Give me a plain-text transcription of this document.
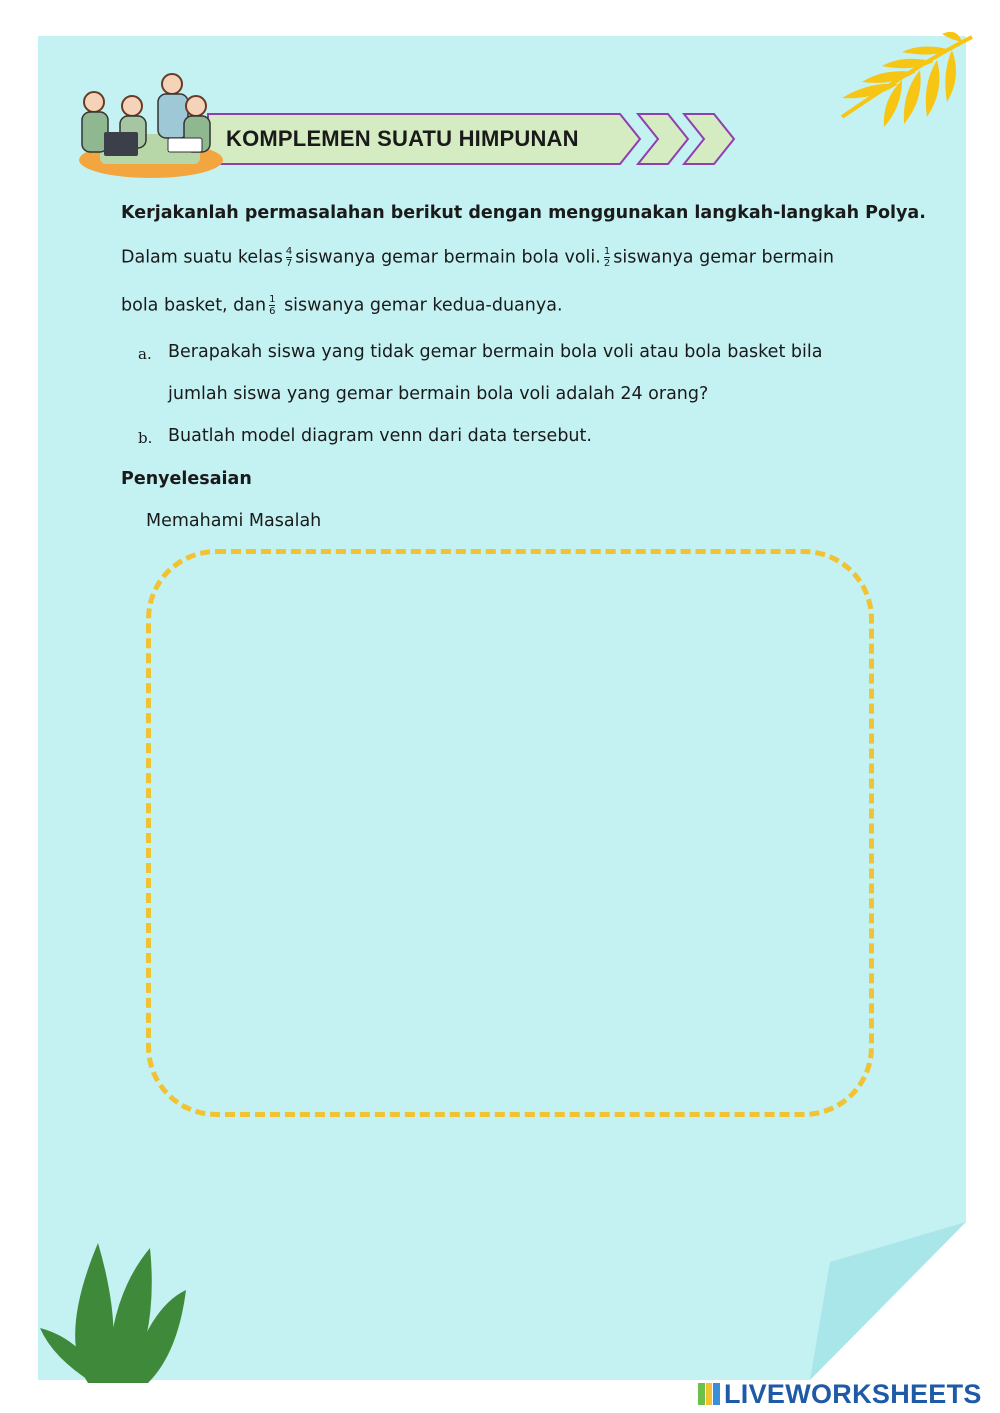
KOMPLEMEN SUATU HIMPUNAN
Kerjakanlah permasalahan berikut dengan menggunakan langkah-langkah Polya.
Dalam suatu kelas $\frac{4}{7}$ siswanya gemar bermain bola voli. $\frac{1}{2}$ siswanya gemar bermain
bola basket, dan $\frac{1}{6}$ siswanya gemar kedua-duanya.
a. Berapakah siswa yang tidak gemar bermain bola voli atau bola basket bila
jumlah siswa yang gemar bermain bola voli adalah 24 orang?
b. Buatlah model diagram venn dari data tersebut.
Penyelesaian
Memahami Masalah
LIVEWORKSHEETS
